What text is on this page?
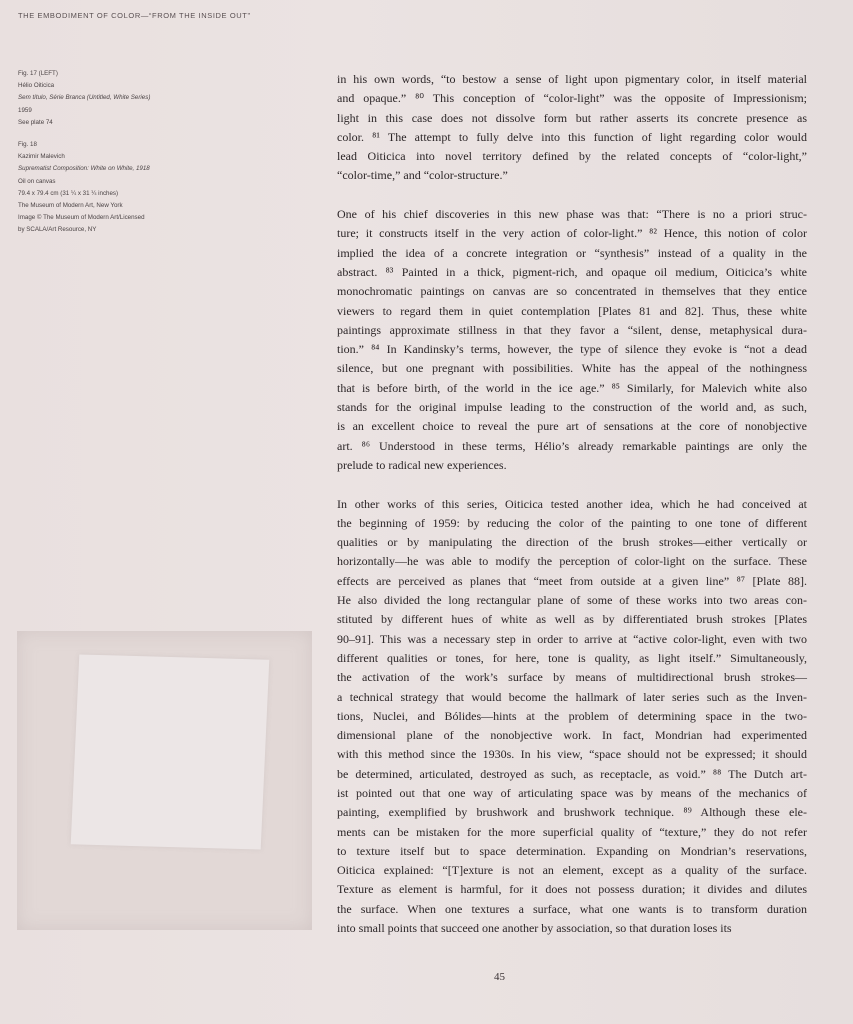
THE EMBODIMENT OF COLOR—“FROM THE INSIDE OUT”
Fig. 17 (LEFT)
Hélio Oiticica
Sem título, Série Branca (Untitled, White Series)
1959
See plate 74
Fig. 18
Kazimir Malevich
Suprematist Composition: White on White, 1918
Oil on canvas
79.4 x 79.4 cm (31 ¼ x 31 ¼ inches)
The Museum of Modern Art, New York
Image © The Museum of Modern Art/Licensed
by SCALA/Art Resource, NY
in his own words, “to bestow a sense of light upon pigmentary color, in itself material
and opaque.” ⁸⁰ This conception of “color-light” was the opposite of Impressionism;
light in this case does not dissolve form but rather asserts its concrete presence as
color. ⁸¹ The attempt to fully delve into this function of light regarding color would
lead Oiticica into novel territory defined by the related concepts of “color-light,”
“color-time,” and “color-structure.”
One of his chief discoveries in this new phase was that: “There is no a priori struc-
ture; it constructs itself in the very action of color-light.” ⁸² Hence, this notion of color
implied the idea of a concrete integration or “synthesis” instead of a quality in the
abstract. ⁸³ Painted in a thick, pigment-rich, and opaque oil medium, Oiticica’s white
monochromatic paintings on canvas are so concentrated in themselves that they entice
viewers to regard them in quiet contemplation [Plates 81 and 82]. Thus, these white
paintings approximate stillness in that they favor a “silent, dense, metaphysical dura-
tion.” ⁸⁴ In Kandinsky’s terms, however, the type of silence they evoke is “not a dead
silence, but one pregnant with possibilities. White has the appeal of the nothingness
that is before birth, of the world in the ice age.” ⁸⁵ Similarly, for Malevich white also
stands for the original impulse leading to the construction of the world and, as such,
is an excellent choice to reveal the pure art of sensations at the core of nonobjective
art. ⁸⁶ Understood in these terms, Hélio’s already remarkable paintings are only the
prelude to radical new experiences.
In other works of this series, Oiticica tested another idea, which he had conceived at
the beginning of 1959: by reducing the color of the painting to one tone of different
qualities or by manipulating the direction of the brush strokes—either vertically or
horizontally—he was able to modify the perception of color-light on the surface. These
effects are perceived as planes that “meet from outside at a given line” ⁸⁷ [Plate 88].
He also divided the long rectangular plane of some of these works into two areas con-
stituted by different hues of white as well as by differentiated brush strokes [Plates
90–91]. This was a necessary step in order to arrive at “active color-light, even with two
different qualities or tones, for here, tone is quality, as light itself.” Simultaneously,
the activation of the work’s surface by means of multidirectional brush strokes—
a technical strategy that would become the hallmark of later series such as the Inven-
tions, Nuclei, and Bólides—hints at the problem of determining space in the two-
dimensional plane of the nonobjective work. In fact, Mondrian had experimented
with this method since the 1930s. In his view, “space should not be expressed; it should
be determined, articulated, destroyed as such, as receptacle, as void.” ⁸⁸ The Dutch art-
ist pointed out that one way of articulating space was by means of the mechanics of
painting, exemplified by brushwork and brushwork technique. ⁸⁹ Although these ele-
ments can be mistaken for the more superficial quality of “texture,” they do not refer
to texture itself but to space determination. Expanding on Mondrian’s reservations,
Oiticica explained: “[T]exture is not an element, except as a quality of the surface.
Texture as element is harmful, for it does not possess duration; it divides and dilutes
the surface. When one textures a surface, what one wants is to transform duration
into small points that succeed one another by association, so that duration loses its
45
